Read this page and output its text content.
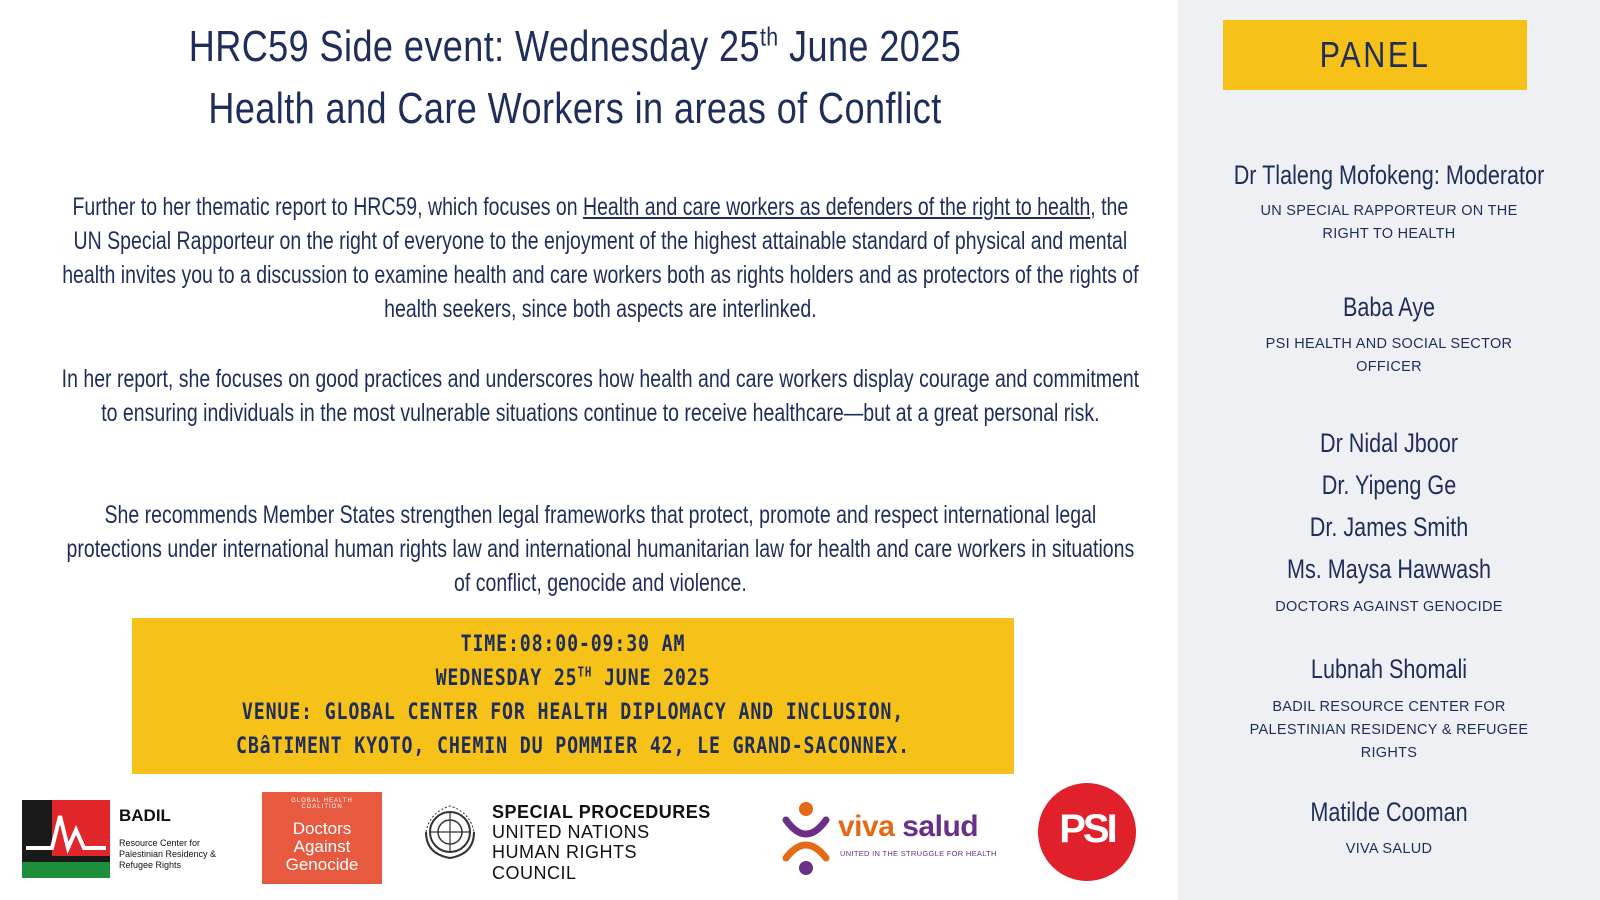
HRC59 Side event: Wednesday 25th June 2025
Health and Care Workers in areas of Conflict
Further to her thematic report to HRC59, which focuses on Health and care workers as defenders of the right to health, the UN Special Rapporteur on the right of everyone to the enjoyment of the highest attainable standard of physical and mental health invites you to a discussion to examine health and care workers both as rights holders and as protectors of the rights of health seekers, since both aspects are interlinked.
In her report, she focuses on good practices and underscores how health and care workers display courage and commitment to ensuring individuals in the most vulnerable situations continue to receive healthcare—but at a great personal risk.
She recommends Member States strengthen legal frameworks that protect, promote and respect international legal protections under international human rights law and international humanitarian law for health and care workers in situations of conflict, genocide and violence.
TIME:08:00-09:30 AM
WEDNESDAY 25TH JUNE 2025
VENUE: GLOBAL CENTER FOR HEALTH DIPLOMACY AND INCLUSION,
CBâTIMENT KYOTO, CHEMIN DU POMMIER 42, LE GRAND-SACONNEX.
BADIL
Resource Center for Palestinian Residency & Refugee Rights
GLOBAL HEALTH COALITION
Doctors
Against
Genocide
SPECIAL PROCEDURES
UNITED NATIONS
HUMAN RIGHTS COUNCIL
viva salud
UNITED IN THE STRUGGLE FOR HEALTH
PSI
PANEL
Dr Tlaleng Mofokeng: Moderator
UN SPECIAL RAPPORTEUR ON THE
RIGHT TO HEALTH
Baba Aye
PSI HEALTH AND SOCIAL SECTOR
OFFICER
Dr Nidal Jboor
Dr. Yipeng Ge
Dr. James Smith
Ms. Maysa Hawwash
DOCTORS AGAINST GENOCIDE
Lubnah Shomali
BADIL RESOURCE CENTER FOR
PALESTINIAN RESIDENCY & REFUGEE
RIGHTS
Matilde Cooman
VIVA SALUD
